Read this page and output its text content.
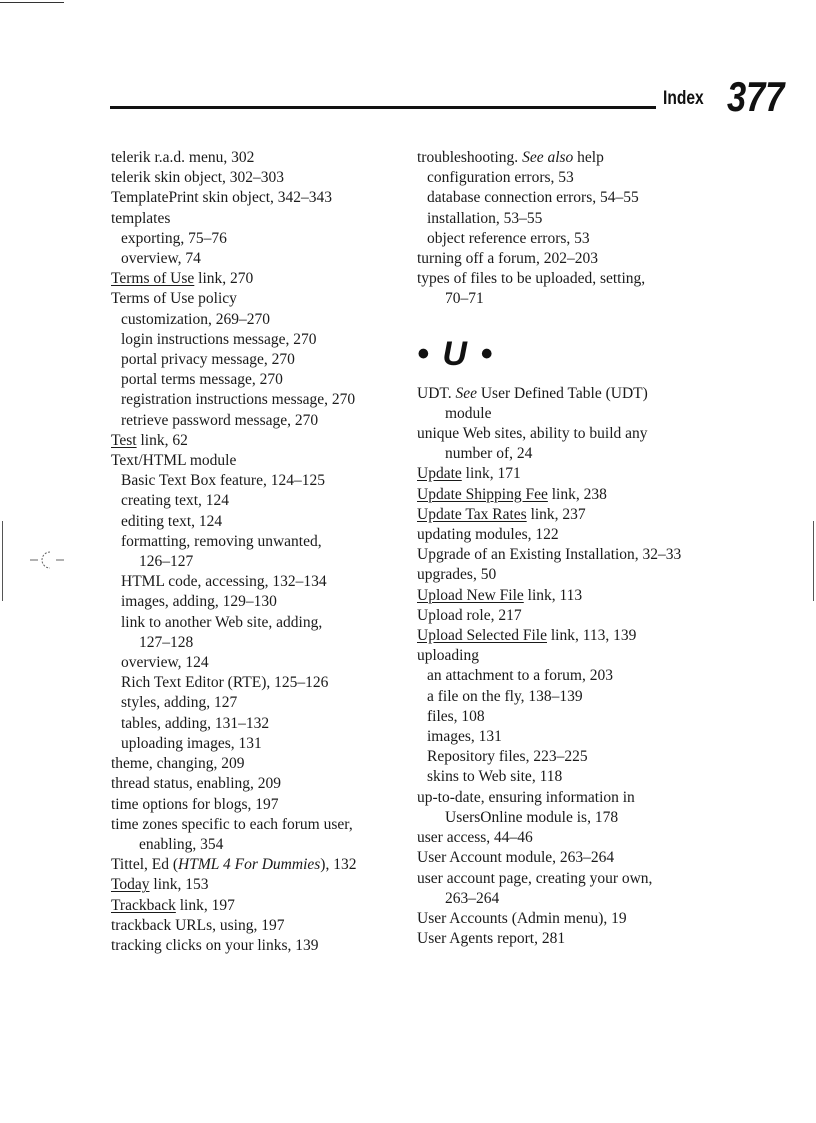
Index 377
telerik r.a.d. menu, 302
telerik skin object, 302–303
TemplatePrint skin object, 342–343
templates
exporting, 75–76
overview, 74
Terms of Use link, 270
Terms of Use policy
customization, 269–270
login instructions message, 270
portal privacy message, 270
portal terms message, 270
registration instructions message, 270
retrieve password message, 270
Test link, 62
Text/HTML module
Basic Text Box feature, 124–125
creating text, 124
editing text, 124
formatting, removing unwanted,
126–127
HTML code, accessing, 132–134
images, adding, 129–130
link to another Web site, adding,
127–128
overview, 124
Rich Text Editor (RTE), 125–126
styles, adding, 127
tables, adding, 131–132
uploading images, 131
theme, changing, 209
thread status, enabling, 209
time options for blogs, 197
time zones specific to each forum user,
enabling, 354
Tittel, Ed (HTML 4 For Dummies), 132
Today link, 153
Trackback link, 197
trackback URLs, using, 197
tracking clicks on your links, 139
troubleshooting. See also help
configuration errors, 53
database connection errors, 54–55
installation, 53–55
object reference errors, 53
turning off a forum, 202–203
types of files to be uploaded, setting,
70–71
• U •
UDT. See User Defined Table (UDT)
module
unique Web sites, ability to build any
number of, 24
Update link, 171
Update Shipping Fee link, 238
Update Tax Rates link, 237
updating modules, 122
Upgrade of an Existing Installation, 32–33
upgrades, 50
Upload New File link, 113
Upload role, 217
Upload Selected File link, 113, 139
uploading
an attachment to a forum, 203
a file on the fly, 138–139
files, 108
images, 131
Repository files, 223–225
skins to Web site, 118
up-to-date, ensuring information in
UsersOnline module is, 178
user access, 44–46
User Account module, 263–264
user account page, creating your own,
263–264
User Accounts (Admin menu), 19
User Agents report, 281
